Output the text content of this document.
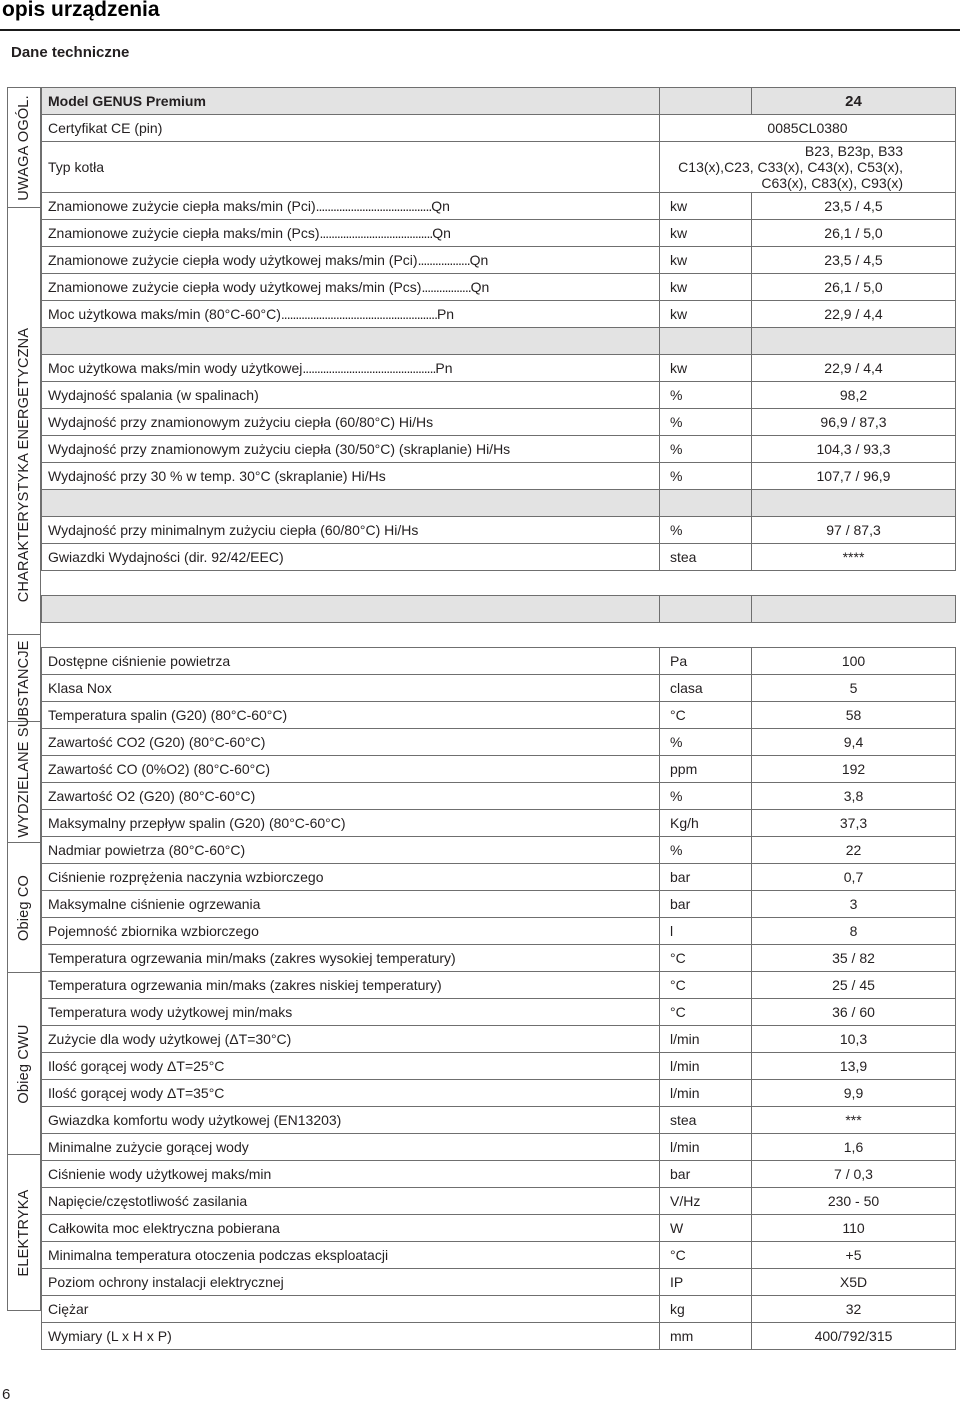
opis urządzenia
Dane techniczne
UWAGA OGÓL.
CHARAKTERYSTYKA ENERGETYCZNA
WYDZIELANE SUBSTANCJE
Obieg CO
Obieg CWU
ELEKTRYKA
Model GENUS Premium		24
Certyfikat CE (pin)	0085CL0380	
Typ kotła	B23, B23p, B33
C13(x),C23, C33(x), C43(x), C53(x),
C63(x), C83(x), C93(x)	

Znamionowe zużycie ciepła maks/min (Pci)........................................Qn	kw	23,5 / 4,5
Znamionowe zużycie ciepła maks/min (Pcs).......................................Qn	kw	26,1 / 5,0
Znamionowe zużycie ciepła wody użytkowej maks/min (Pci)..................Qn	kw	23,5 / 4,5
Znamionowe zużycie ciepła wody użytkowej maks/min (Pcs).................Qn	kw	26,1 / 5,0
Moc użytkowa maks/min (80°C-60°C)......................................................Pn	kw	22,9 / 4,4

Moc użytkowa maks/min wody użytkowej..............................................Pn	kw	22,9 / 4,4
Wydajność spalania (w spalinach)	%	98,2
Wydajność przy znamionowym zużyciu ciepła (60/80°C) Hi/Hs	%	96,9 / 87,3
Wydajność przy znamionowym zużyciu ciepła (30/50°C) (skraplanie) Hi/Hs	%	104,3 / 93,3
Wydajność przy 30 % w temp. 30°C (skraplanie) Hi/Hs	%	107,7 / 96,9

Wydajność przy minimalnym zużyciu ciepła (60/80°C) Hi/Hs	%	97 / 87,3
Gwiazdki Wydajności (dir. 92/42/EEC)	stea	****

Dostępne ciśnienie powietrza	Pa	100
Klasa Nox	clasa	5
Temperatura spalin (G20) (80°C-60°C)	°C	58
Zawartość CO2 (G20) (80°C-60°C)	%	9,4
Zawartość CO (0%O2) (80°C-60°C)	ppm	192
Zawartość O2 (G20) (80°C-60°C)	%	3,8
Maksymalny przepływ spalin (G20) (80°C-60°C)	Kg/h	37,3
Nadmiar powietrza (80°C-60°C)	%	22
Ciśnienie rozprężenia naczynia wzbiorczego	bar	0,7
Maksymalne ciśnienie ogrzewania	bar	3
Pojemność zbiornika wzbiorczego	l	8
Temperatura ogrzewania min/maks (zakres wysokiej temperatury)	°C	35 / 82
Temperatura ogrzewania min/maks (zakres niskiej temperatury)	°C	25 / 45
Temperatura wody użytkowej min/maks	°C	36 / 60
Zużycie dla wody użytkowej (ΔT=30°C)	l/min	10,3
Ilość gorącej wody ΔT=25°C	l/min	13,9
Ilość gorącej wody ΔT=35°C	l/min	9,9
Gwiazdka komfortu wody użytkowej (EN13203)	stea	***
Minimalne zużycie gorącej wody	l/min	1,6
Ciśnienie wody użytkowej maks/min	bar	7 / 0,3
Napięcie/częstotliwość zasilania	V/Hz	230 - 50
Całkowita moc elektryczna pobierana	W	110
Minimalna temperatura otoczenia podczas eksploatacji	°C	+5
Poziom ochrony instalacji elektrycznej	IP	X5D
Ciężar	kg	32
Wymiary (L x H x P)	mm	400/792/315
6
